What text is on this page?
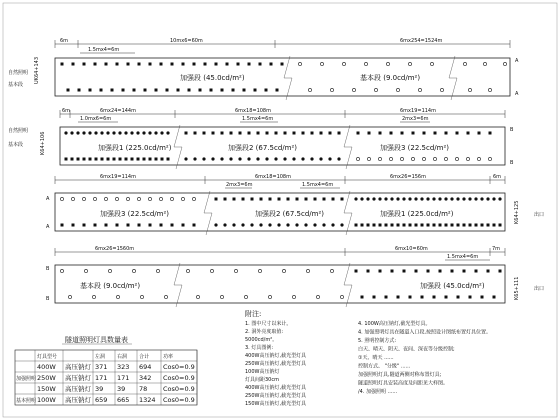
6m	10mx6=60m	6mx254=1524m
1.5mx4=6m
A
A
UK64+143
自然照明
基本段
加强段 (45.0cd/m²)	基本段 (9.0cd/m²)
6m	6mx24=144m	6mx18=108m	6mx19=114m
1.0mx6=6m	1.5mx4=6m	2mx3=6m
B
B
K64+106
自然照明
基本段	加强段1 (225.0cd/m²)	加强段2 (67.5cd/m²)	加强段3 (22.5cd/m²)
6mx19=114m	6mx18=108m	6mx26=156m	6m
2mx3=6m	1.5mx4=6m
A
A
K64+125	出口
加强段3 (22.5cd/m²)	加强段2 (67.5cd/m²)	加强段1 (225.0cd/m²)
6mx26=1560m	6mx10=60m	7m
1.5mx4=6m
B
B	K65+111	出口
基本段 (9.0cd/m²)	加强段 (45.0cd/m²)
隧道照明灯具数量表
灯具型号	左洞 右洞 合计	功率
400W 高压钠灯 371 323 694 Cos0=0.9
加强照明 250W 高压钠灯 171 171 342 Cos0=0.9
150W 高压钠灯 39 39 78 Cos0=0.9
基本照明 100W 高压钠灯 659 665 1324 Cos0=0.9
附注:
1. 图中尺寸以米计。
2. 洞外亮度取值:
5000cd/m²。
3. 灯具图例:
400W高压钠灯,截光型灯具
250W高压钠灯,截光型灯具
100W高压钠灯
灯具间距30cm
400W高压钠灯,截光型灯具
250W高压钠灯,截光型灯具
150W高压钠灯,截光型灯具
4. 100W高压钠灯,截光型灯具。
4. 加强照明灯具在隧道入口段,按照设计图纸布置灯具位置。
5. 照明控制方式:
白天、晴天、阴天、夜间、深夜等分级控制;
①天、晴天 ......
控制方式、 "分级" ......
加强照明灯具,隧道两侧对称布置灯具;
隧道照明灯具安装高度及间距见大样图。
/4. 加强照明 ......
